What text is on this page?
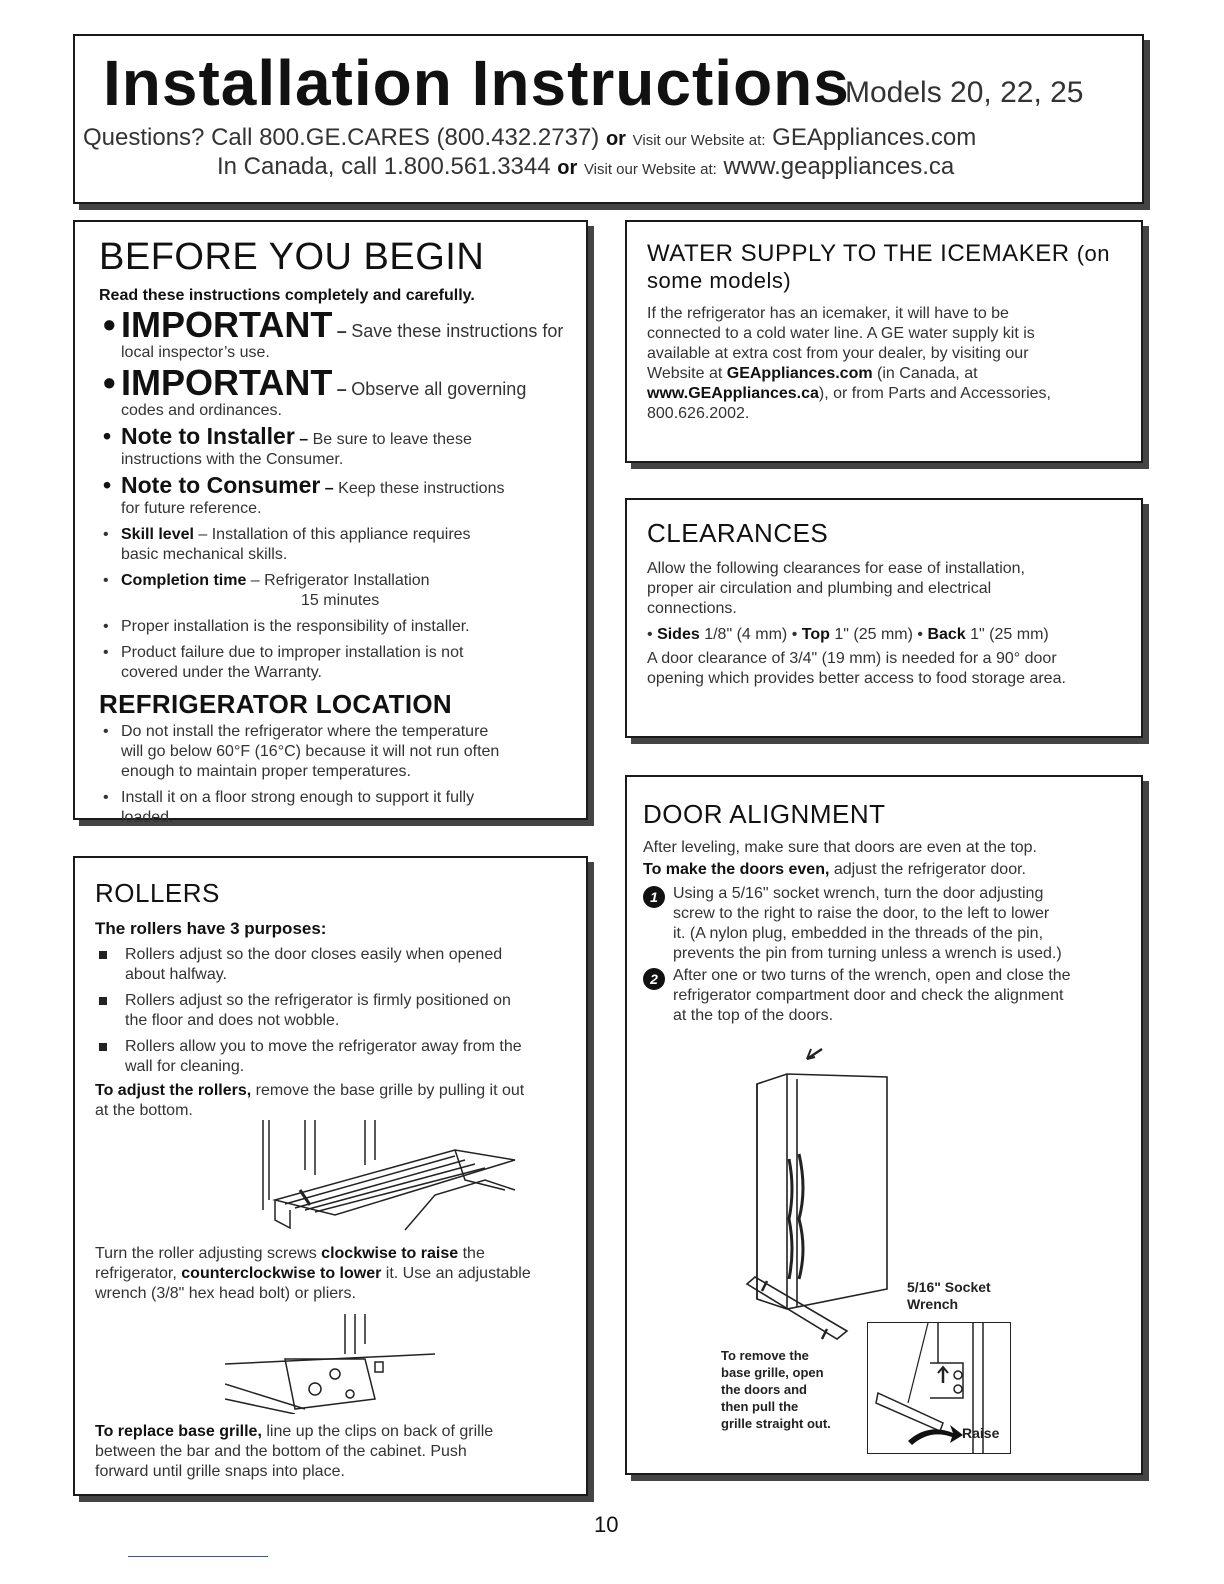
Installation Instructions
Models 20, 22, 25
Questions? Call 800.GE.CARES (800.432.2737) or Visit our Website at: GEAppliances.com
In Canada, call 1.800.561.3344 or Visit our Website at: www.geappliances.ca
BEFORE YOU BEGIN
Read these instructions completely and carefully.
• IMPORTANT – Save these instructions for
local inspector’s use.
• IMPORTANT – Observe all governing
codes and ordinances.
• Note to Installer – Be sure to leave these
instructions with the Consumer.
• Note to Consumer – Keep these instructions
for future reference.
• Skill level – Installation of this appliance requires
basic mechanical skills.
• Completion time – Refrigerator Installation
15 minutes
• Proper installation is the responsibility of installer.
• Product failure due to improper installation is not
covered under the Warranty.
REFRIGERATOR LOCATION
• Do not install the refrigerator where the temperature
will go below 60°F (16°C) because it will not run often
enough to maintain proper temperatures.
• Install it on a floor strong enough to support it fully
loaded.
ROLLERS
The rollers have 3 purposes:
Rollers adjust so the door closes easily when opened
about halfway.
Rollers adjust so the refrigerator is firmly positioned on
the floor and does not wobble.
Rollers allow you to move the refrigerator away from the
wall for cleaning.
To adjust the rollers, remove the base grille by pulling it out
at the bottom.
Turn the roller adjusting screws clockwise to raise the
refrigerator, counterclockwise to lower it. Use an adjustable
wrench (3/8" hex head bolt) or pliers.
To replace base grille, line up the clips on back of grille
between the bar and the bottom of the cabinet. Push
forward until grille snaps into place.
WATER SUPPLY TO THE ICEMAKER (on
some models)
If the refrigerator has an icemaker, it will have to be
connected to a cold water line. A GE water supply kit is
available at extra cost from your dealer, by visiting our
Website at GEAppliances.com (in Canada, at
www.GEAppliances.ca), or from Parts and Accessories,
800.626.2002.
CLEARANCES
Allow the following clearances for ease of installation,
proper air circulation and plumbing and electrical
connections.
• Sides 1/8" (4 mm) • Top 1" (25 mm) • Back 1" (25 mm)
A door clearance of 3/4" (19 mm) is needed for a 90° door
opening which provides better access to food storage area.
DOOR ALIGNMENT
After leveling, make sure that doors are even at the top.
To make the doors even, adjust the refrigerator door.
1 Using a 5/16" socket wrench, turn the door adjusting
screw to the right to raise the door, to the left to lower
it. (A nylon plug, embedded in the threads of the pin,
prevents the pin from turning unless a wrench is used.)
2 After one or two turns of the wrench, open and close the
refrigerator compartment door and check the alignment
at the top of the doors.
5/16" Socket
Wrench
To remove the
base grille, open
the doors and
then pull the
grille straight out.
Raise
10
